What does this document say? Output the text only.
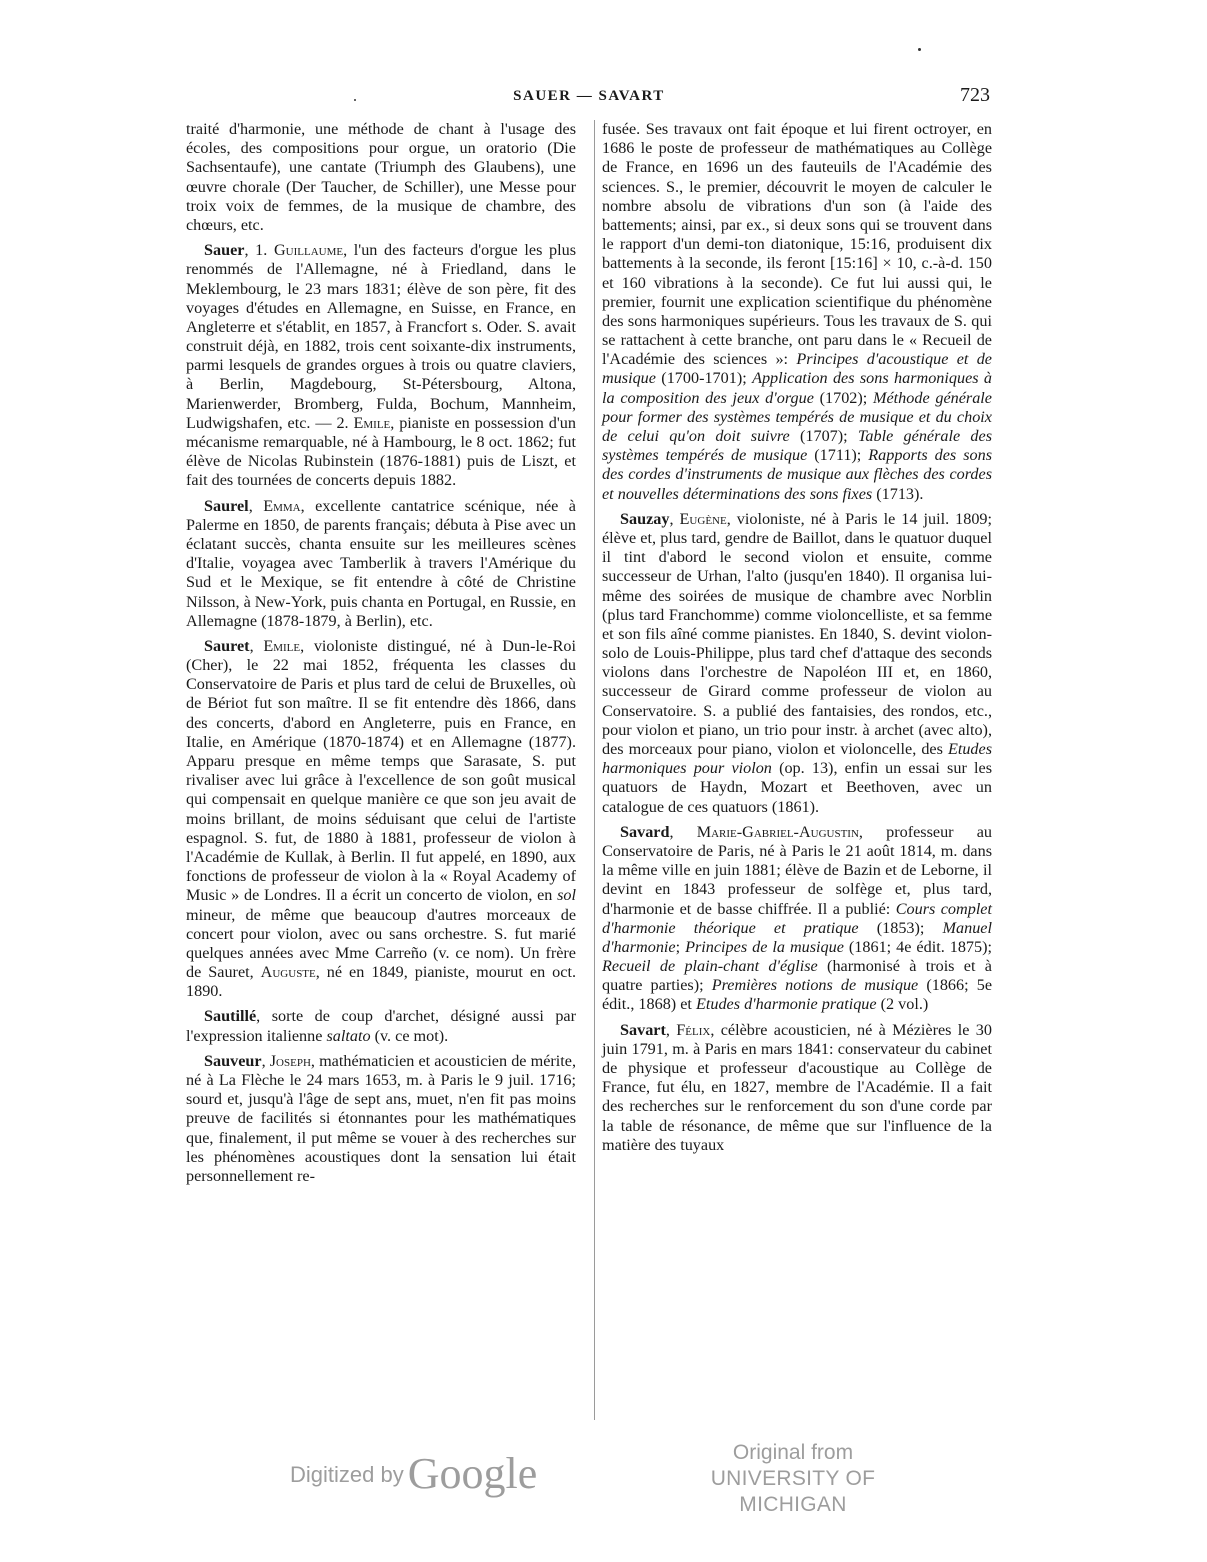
SAUER — SAVART	723

traité d'harmonie, une méthode de chant à l'usage des écoles, des compositions pour orgue, un oratorio (Die Sachsentaufe), une cantate (Triumph des Glaubens), une œuvre chorale (Der Taucher, de Schiller), une Messe pour troix voix de femmes, de la musique de chambre, des chœurs, etc.

Sauer, 1. Guillaume, l'un des facteurs d'orgue les plus renommés de l'Allemagne, né à Friedland, dans le Meklembourg, le 23 mars 1831; élève de son père, fit des voyages d'études en Allemagne, en Suisse, en France, en Angleterre et s'établit, en 1857, à Francfort s. Oder. S. avait construit déjà, en 1882, trois cent soixante-dix instruments, parmi lesquels de grandes orgues à trois ou quatre claviers, à Berlin, Magdebourg, St-Pétersbourg, Altona, Marienwerder, Bromberg, Fulda, Bochum, Mannheim, Ludwigshafen, etc. — 2. Emile, pianiste en possession d'un mécanisme remarquable, né à Hambourg, le 8 oct. 1862; fut élève de Nicolas Rubinstein (1876-1881) puis de Liszt, et fait des tournées de concerts depuis 1882.

Saurel, Emma, excellente cantatrice scénique, née à Palerme en 1850, de parents français; débuta à Pise avec un éclatant succès, chanta ensuite sur les meilleures scènes d'Italie, voyagea avec Tamberlik à travers l'Amérique du Sud et le Mexique, se fit entendre à côté de Christine Nilsson, à New-York, puis chanta en Portugal, en Russie, en Allemagne (1878-1879, à Berlin), etc.

Sauret, Emile, violoniste distingué, né à Dun-le-Roi (Cher), le 22 mai 1852, fréquenta les classes du Conservatoire de Paris et plus tard de celui de Bruxelles, où de Bériot fut son maître. Il se fit entendre dès 1866, dans des concerts, d'abord en Angleterre, puis en France, en Italie, en Amérique (1870-1874) et en Allemagne (1877). Apparu presque en même temps que Sarasate, S. put rivaliser avec lui grâce à l'excellence de son goût musical qui compensait en quelque manière ce que son jeu avait de moins brillant, de moins séduisant que celui de l'artiste espagnol. S. fut, de 1880 à 1881, professeur de violon à l'Académie de Kullak, à Berlin. Il fut appelé, en 1890, aux fonctions de professeur de violon à la « Royal Academy of Music » de Londres. Il a écrit un concerto de violon, en sol mineur, de même que beaucoup d'autres morceaux de concert pour violon, avec ou sans orchestre. S. fut marié quelques années avec Mme Carreño (v. ce nom). Un frère de Sauret, Auguste, né en 1849, pianiste, mourut en oct. 1890.

Sautillé, sorte de coup d'archet, désigné aussi par l'expression italienne saltato (v. ce mot).

Sauveur, Joseph, mathématicien et acousticien de mérite, né à La Flèche le 24 mars 1653, m. à Paris le 9 juil. 1716; sourd et, jusqu'à l'âge de sept ans, muet, n'en fit pas moins preuve de facilités si étonnantes pour les mathématiques que, finalement, il put même se vouer à des recherches sur les phénomènes acoustiques dont la sensation lui était personnellement re-

fusée. Ses travaux ont fait époque et lui firent octroyer, en 1686 le poste de professeur de mathématiques au Collège de France, en 1696 un des fauteuils de l'Académie des sciences. S., le premier, découvrit le moyen de calculer le nombre absolu de vibrations d'un son (à l'aide des battements; ainsi, par ex., si deux sons qui se trouvent dans le rapport d'un demi-ton diatonique, 15:16, produisent dix battements à la seconde, ils feront [15:16] × 10, c.-à-d. 150 et 160 vibrations à la seconde). Ce fut lui aussi qui, le premier, fournit une explication scientifique du phénomène des sons harmoniques supérieurs. Tous les travaux de S. qui se rattachent à cette branche, ont paru dans le « Recueil de l'Académie des sciences »: Principes d'acoustique et de musique (1700-1701); Application des sons harmoniques à la composition des jeux d'orgue (1702); Méthode générale pour former des systèmes tempérés de musique et du choix de celui qu'on doit suivre (1707); Table générale des systèmes tempérés de musique (1711); Rapports des sons des cordes d'instruments de musique aux flèches des cordes et nouvelles déterminations des sons fixes (1713).

Sauzay, Eugène, violoniste, né à Paris le 14 juil. 1809; élève et, plus tard, gendre de Baillot, dans le quatuor duquel il tint d'abord le second violon et ensuite, comme successeur de Urhan, l'alto (jusqu'en 1840). Il organisa lui-même des soirées de musique de chambre avec Norblin (plus tard Franchomme) comme violoncelliste, et sa femme et son fils aîné comme pianistes. En 1840, S. devint violon-solo de Louis-Philippe, plus tard chef d'attaque des seconds violons dans l'orchestre de Napoléon III et, en 1860, successeur de Girard comme professeur de violon au Conservatoire. S. a publié des fantaisies, des rondos, etc., pour violon et piano, un trio pour instr. à archet (avec alto), des morceaux pour piano, violon et violoncelle, des Etudes harmoniques pour violon (op. 13), enfin un essai sur les quatuors de Haydn, Mozart et Beethoven, avec un catalogue de ces quatuors (1861).

Savard, Marie-Gabriel-Augustin, professeur au Conservatoire de Paris, né à Paris le 21 août 1814, m. dans la même ville en juin 1881; élève de Bazin et de Leborne, il devint en 1843 professeur de solfège et, plus tard, d'harmonie et de basse chiffrée. Il a publié: Cours complet d'harmonie théorique et pratique (1853); Manuel d'harmonie; Principes de la musique (1861; 4e édit. 1875); Recueil de plain-chant d'église (harmonisé à trois et à quatre parties); Premières notions de musique (1866; 5e édit., 1868) et Etudes d'harmonie pratique (2 vol.)

Savart, Félix, célèbre acousticien, né à Mézières le 30 juin 1791, m. à Paris en mars 1841: conservateur du cabinet de physique et professeur d'acoustique au Collège de France, fut élu, en 1827, membre de l'Académie. Il a fait des recherches sur le renforcement du son d'une corde par la table de résonance, de même que sur l'influence de la matière des tuyaux

Digitized byGoogle	Original from
UNIVERSITY OF MICHIGAN
